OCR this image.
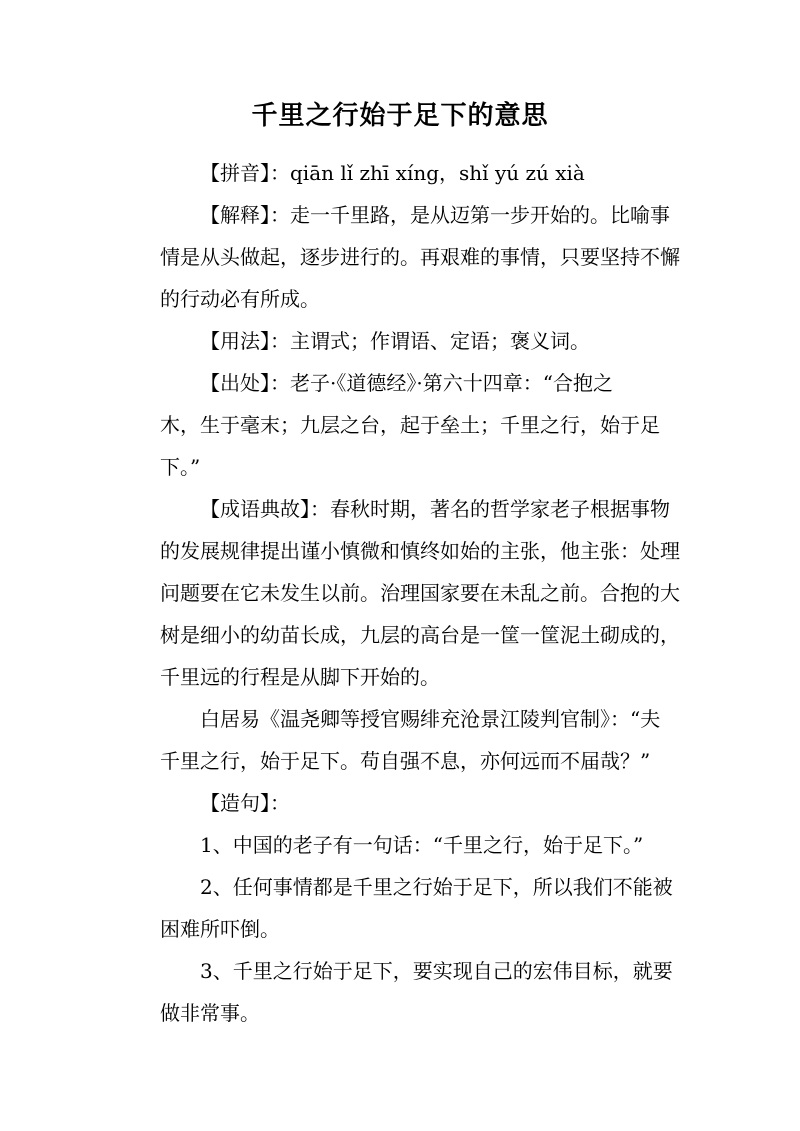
千里之行始于足下的意思
【拼音】：qiān lǐ zhī xíng，shǐ yú zú xià
【解释】：走一千里路，是从迈第一步开始的。比喻事
情是从头做起，逐步进行的。再艰难的事情，只要坚持不懈
的行动必有所成。
【用法】：主谓式；作谓语、定语；褒义词。
【出处】：老子·《道德经》·第六十四章：“合抱之
木，生于毫末；九层之台，起于垒土；千里之行，始于足
下。”
【成语典故】：春秋时期，著名的哲学家老子根据事物
的发展规律提出谨小慎微和慎终如始的主张，他主张：处理
问题要在它未发生以前。治理国家要在未乱之前。合抱的大
树是细小的幼苗长成，九层的高台是一筐一筐泥土砌成的，
千里远的行程是从脚下开始的。
白居易《温尧卿等授官赐绯充沧景江陵判官制》：“夫
千里之行，始于足下。苟自强不息，亦何远而不届哉？”
【造句】：
1、中国的老子有一句话：“千里之行，始于足下。”
2、任何事情都是千里之行始于足下，所以我们不能被
困难所吓倒。
3、千里之行始于足下，要实现自己的宏伟目标，就要
做非常事。
